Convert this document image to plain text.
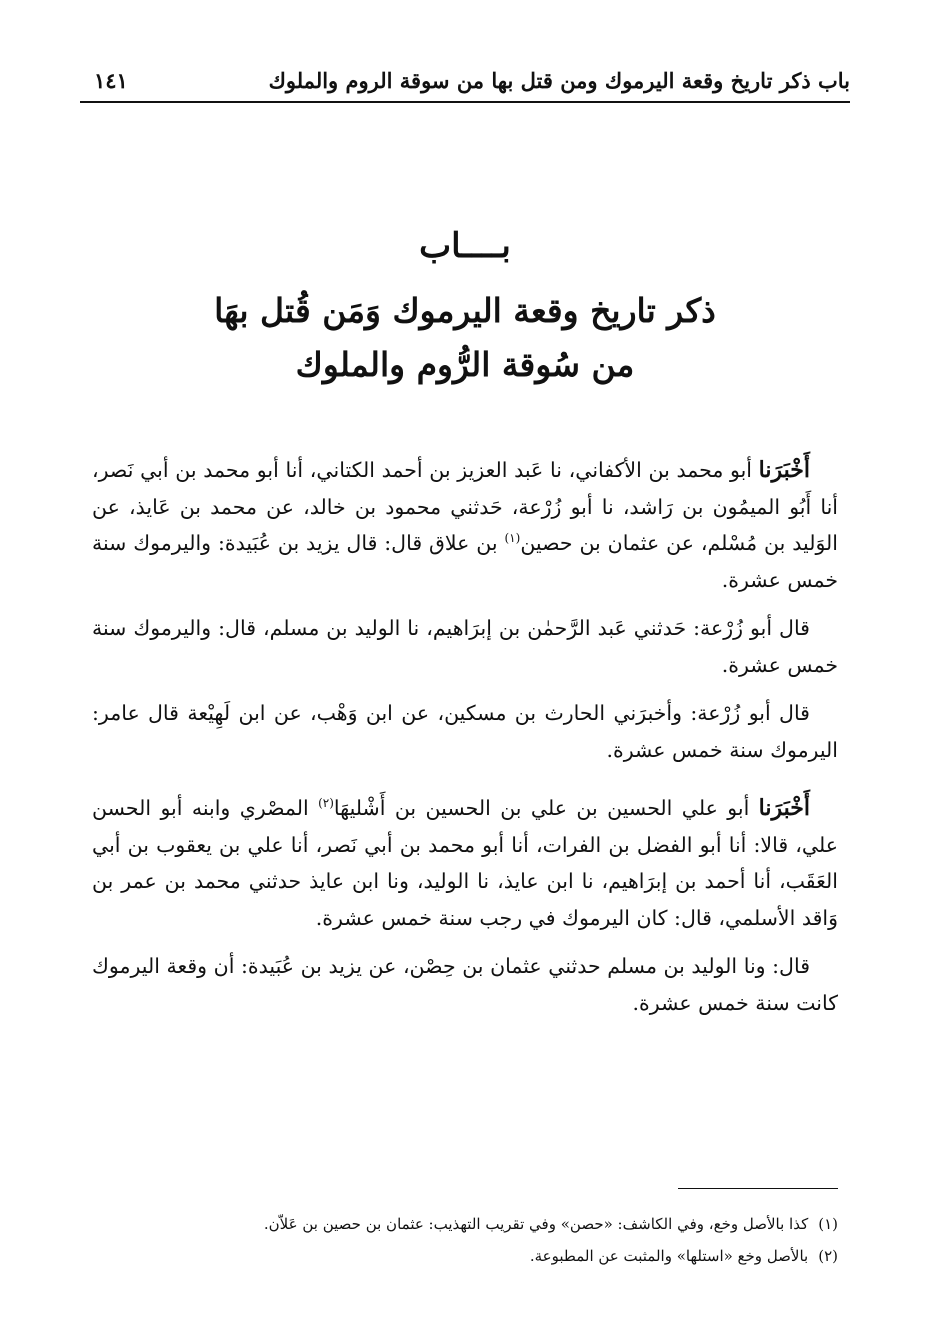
باب ذكر تاريخ وقعة اليرموك ومن قتل بها من سوقة الروم والملوك
١٤١
بــــاب
ذكر تاريخ وقعة اليرموك وَمَن قُتل بهَا
من سُوقة الرُّوم والملوك

أَخْبَرَنا أبو محمد بن الأكفاني، نا عَبد العزيز بن أحمد الكتاني، أنا أبو محمد بن أبي نَصر، أنا أَبُو الميمُون بن رَاشد، نا أبو زُرْعة، حَدثني محمود بن خالد، عن محمد بن عَايذ، عن الوَليد بن مُسْلم، عن عثمان بن حصين$^{(١)}$ بن علاق قال: قال يزيد بن عُبَيدة: واليرموك سنة خمس عشرة.

قال أبو زُرْعة: حَدثني عَبد الرَّحمٰن بن إبرَاهيم، نا الوليد بن مسلم، قال: واليرموك سنة خمس عشرة.

قال أبو زُرْعة: وأخبرَني الحارث بن مسكين، عن ابن وَهْب، عن ابن لَهِيْعة قال عامر: اليرموك سنة خمس عشرة.

أَخْبَرَنا أبو علي الحسين بن علي بن الحسين بن أَشْليهَا$^{(٢)}$ المصْري وابنه أبو الحسن علي، قالا: أنا أبو الفضل بن الفرات، أنا أبو محمد بن أبي نَصر، أنا علي بن يعقوب بن أبي العَقَب، أنا أحمد بن إبرَاهيم، نا ابن عايذ، نا الوليد، ونا ابن عايذ حدثني محمد بن عمر بن وَاقد الأسلمي، قال: كان اليرموك في رجب سنة خمس عشرة.

قال: ونا الوليد بن مسلم حدثني عثمان بن حِصْن، عن يزيد بن عُبَيدة: أن وقعة اليرموك كانت سنة خمس عشرة.

(١)كذا بالأصل وخع، وفي الكاشف: «حصن» وفي تقريب التهذيب: عثمان بن حصين بن عَلاّن.
(٢)بالأصل وخع «استلها» والمثبت عن المطبوعة.
